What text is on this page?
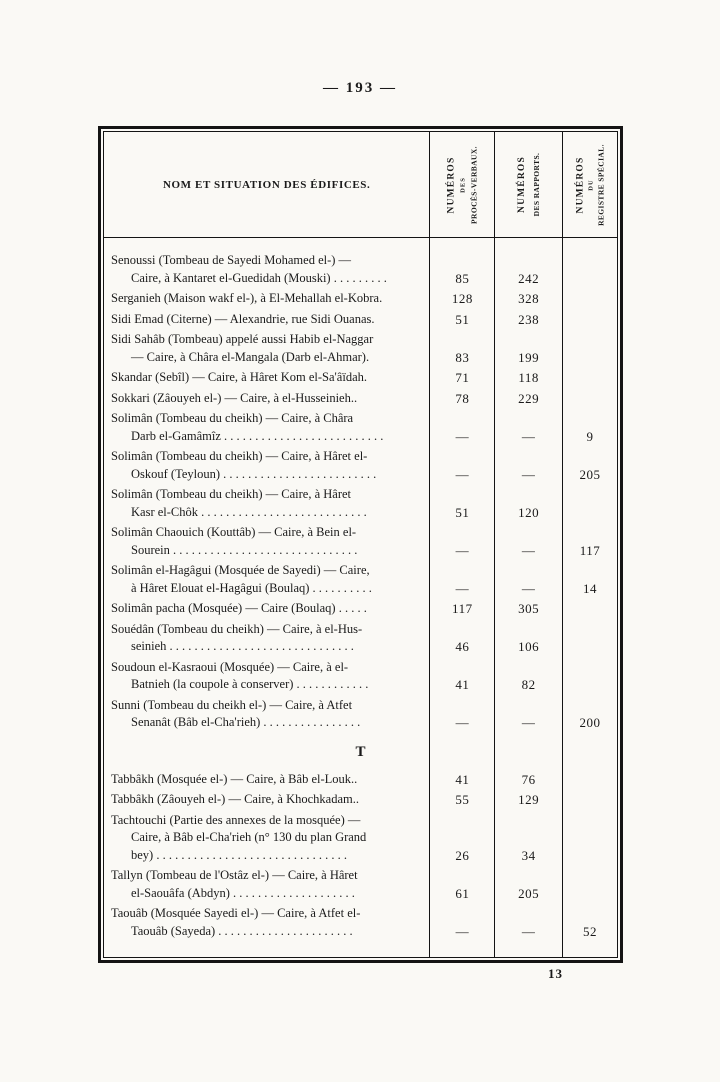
— 193 —
NOM ET SITUATION DES ÉDIFICES.	NUMÉROS DES PROCÈS-VERBAUX.	NUMÉROS DES RAPPORTS.	NUMÉROS DU REGISTRE SPÉCIAL.
Senoussi (Tombeau de Sayedi Mohamed el-) —
Caire, à Kantaret el-Guedidah (Mouski) . . . . . . . . .	85	242
Serganieh (Maison wakf el-), à El-Mehallah el-Kobra.	128	328
Sidi Emad (Citerne) — Alexandrie, rue Sidi Ouanas.	51	238
Sidi Sahâb (Tombeau) appelé aussi Habib el-Naggar
— Caire, à Châra el-Mangala (Darb el-Ahmar).	83	199
Skandar (Sebîl) — Caire, à Hâret Kom el-Sa'âïdah.	71	118
Sokkari (Zâouyeh el-) — Caire, à el-Husseinieh..	78	229
Solimân (Tombeau du cheikh) — Caire, à Châra
Darb el-Gamâmîz . . . . . . . . . . . . . . . . . . . . . . . . . .	—	—	9
Solimân (Tombeau du cheikh) — Caire, à Hâret el-
Oskouf (Teyloun) . . . . . . . . . . . . . . . . . . . . . . . . .	—	—	205
Solimân (Tombeau du cheikh) — Caire, à Hâret
Kasr el-Chôk . . . . . . . . . . . . . . . . . . . . . . . . . . .	51	120
Solimân Chaouich (Kouttâb) — Caire, à Bein el-
Sourein . . . . . . . . . . . . . . . . . . . . . . . . . . . . . .	—	—	117
Solimân el-Hagâgui (Mosquée de Sayedi) — Caire,
à Hâret Elouat el-Hagâgui (Boulaq) . . . . . . . . . .	—	—	14
Solimân pacha (Mosquée) — Caire (Boulaq) . . . . .	117	305
Souédân (Tombeau du cheikh) — Caire, à el-Hus-
seinieh . . . . . . . . . . . . . . . . . . . . . . . . . . . . . .	46	106
Soudoun el-Kasraoui (Mosquée) — Caire, à el-
Batnieh (la coupole à conserver) . . . . . . . . . . . .	41	82
Sunni (Tombeau du cheikh el-) — Caire, à Atfet
Senanât (Bâb el-Cha'rieh) . . . . . . . . . . . . . . . .	—	—	200
T
Tabbâkh (Mosquée el-) — Caire, à Bâb el-Louk..	41	76
Tabbâkh (Zâouyeh el-) — Caire, à Khochkadam..	55	129
Tachtouchi (Partie des annexes de la mosquée) —
Caire, à Bâb el-Cha'rieh (n° 130 du plan Grand
bey) . . . . . . . . . . . . . . . . . . . . . . . . . . . . . . .	26	34
Tallyn (Tombeau de l'Ostâz el-) — Caire, à Hâret
el-Saouâfa (Abdyn) . . . . . . . . . . . . . . . . . . . .	61	205
Taouâb (Mosquée Sayedi el-) — Caire, à Atfet el-
Taouâb (Sayeda) . . . . . . . . . . . . . . . . . . . . . .	—	—	52
13
